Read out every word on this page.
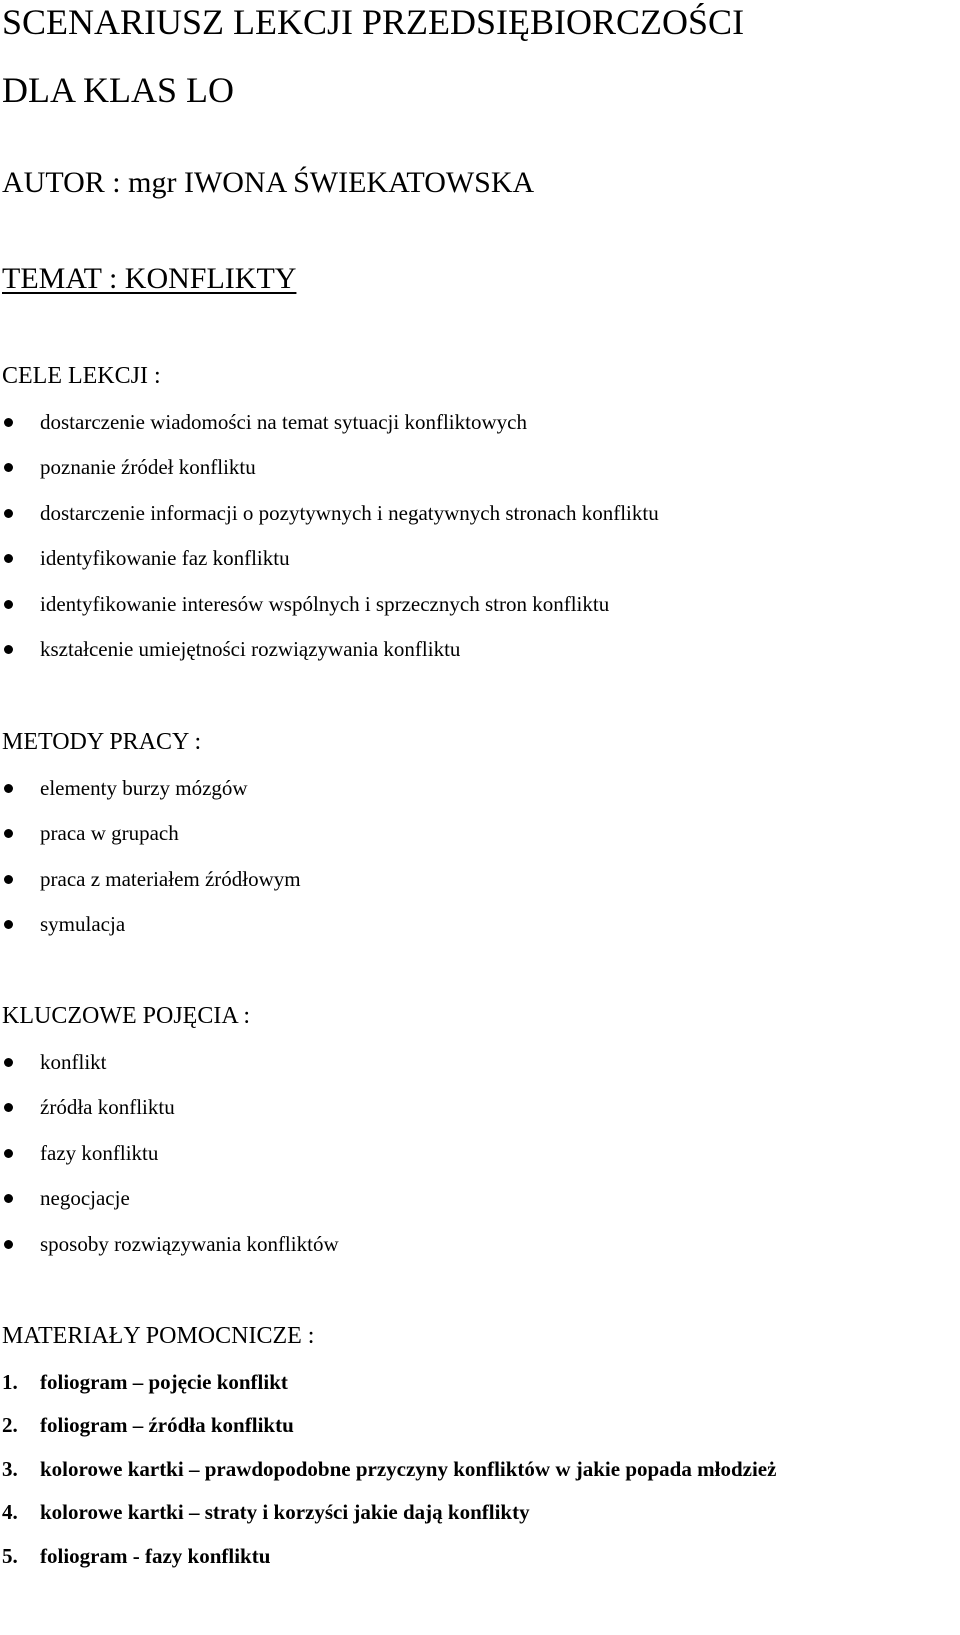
SCENARIUSZ LEKCJI PRZEDSIĘBIORCZOŚCI
DLA KLAS LO
AUTOR : mgr IWONA ŚWIEKATOWSKA
TEMAT : KONFLIKTY
CELE LEKCJI :
dostarczenie wiadomości na temat sytuacji konfliktowych
poznanie źródeł konfliktu
dostarczenie informacji o pozytywnych i negatywnych stronach konfliktu
identyfikowanie faz konfliktu
identyfikowanie interesów wspólnych i sprzecznych stron konfliktu
kształcenie umiejętności rozwiązywania konfliktu
METODY PRACY :
elementy burzy mózgów
praca w grupach
praca z materiałem źródłowym
symulacja
KLUCZOWE POJĘCIA :
konflikt
źródła konfliktu
fazy konfliktu
negocjacje
sposoby rozwiązywania konfliktów
MATERIAŁY POMOCNICZE :
1. foliogram – pojęcie konflikt
2. foliogram – źródła konfliktu
3. kolorowe kartki – prawdopodobne przyczyny konfliktów w jakie popada młodzież
4. kolorowe kartki – straty i korzyści jakie dają konflikty
5. foliogram - fazy konfliktu
